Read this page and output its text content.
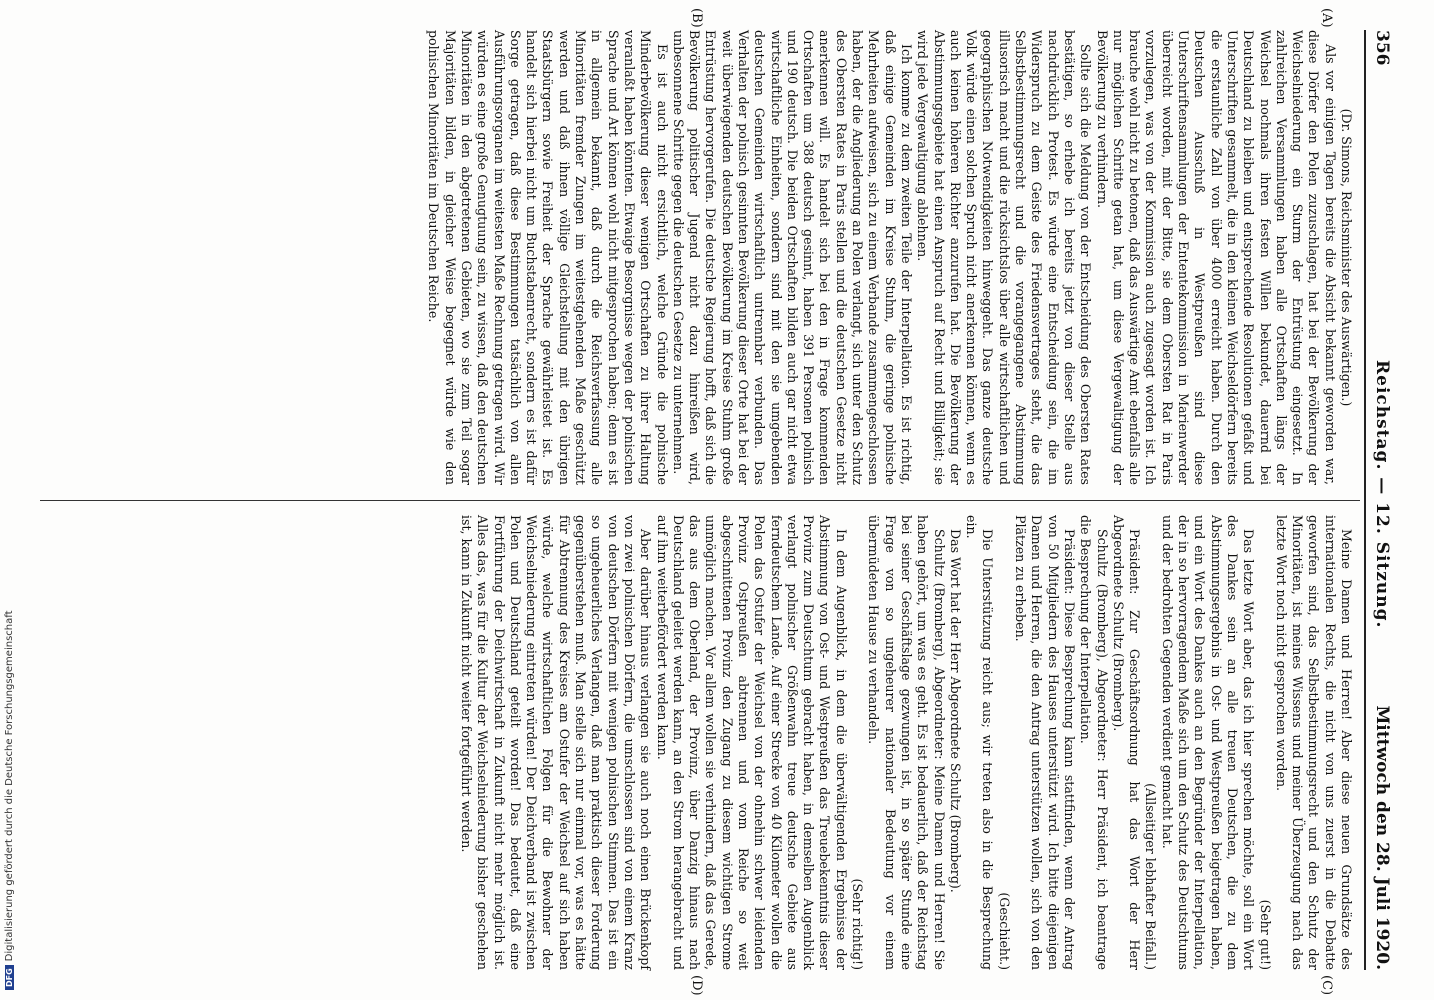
356
Reichstag. — 12. Sitzung.
Mittwoch den 28. Juli 1920.
(A)
(B)
(C)
(D)

(Dr. Simons, Reichsminister des Auswärtigen.)

Als vor einigen Tagen bereits die Absicht bekannt geworden war, diese Dörfer den Polen zuzuschlagen, hat bei der Bevölkerung der Weichselniederung ein Sturm der Entrüstung eingesetzt. In zahlreichen Versammlungen haben alle Ortschaften längs der Weichsel nochmals ihren festen Willen bekundet, dauernd bei Deutschland zu bleiben und entsprechende Resolutionen gefaßt und Unterschriften gesammelt, die in den kleinen Weichseldörfern bereits die erstaunliche Zahl von über 4000 erreicht haben. Durch den Deutschen Ausschuß in Westpreußen sind diese Unterschriftensammlungen der Ententekommission in Marienwerder überreicht worden, mit der Bitte, sie dem Obersten Rat in Paris vorzulegen, was von der Kommission auch zugesagt worden ist. Ich brauche wohl nicht zu betonen, daß das Auswärtige Amt ebenfalls alle nur möglichen Schritte getan hat, um diese Vergewaltigung der Bevölkerung zu verhindern.

Sollte sich die Meldung von der Entscheidung des Obersten Rates bestätigen, so erhebe ich bereits jetzt von dieser Stelle aus nachdrücklich Protest. Es würde eine Entscheidung sein, die im Widerspruch zu dem Geiste des Friedensvertrages steht, die das Selbstbestimmungsrecht und die vorangegangene Abstimmung illusorisch macht und die rücksichtslos über alle wirtschaftlichen und geographischen Notwendigkeiten hinweggeht. Das ganze deutsche Volk würde einen solchen Spruch nicht anerkennen können, wenn es auch keinen höheren Richter anzurufen hat. Die Bevölkerung der Abstimmungsgebiete hat einen Anspruch auf Recht und Billigkeit; sie wird jede Vergewaltigung ablehnen.

Ich komme zu dem zweiten Teile der Interpellation. Es ist richtig, daß einige Gemeinden im Kreise Stuhm, die geringe polnische Mehrheiten aufweisen, sich zu einem Verbande zusammengeschlossen haben, der die Angliederung an Polen verlangt, sich unter den Schutz des Obersten Rates in Paris stellen und die deutschen Gesetze nicht anerkennen will. Es handelt sich bei den in Frage kommenden Ortschaften um 388 deutsch gesinnt, haben 391 Personen polnisch und 190 deutsch. Die beiden Ortschaften bilden auch gar nicht etwa wirtschaftliche Einheiten, sondern sind mit den sie umgebenden deutschen Gemeinden wirtschaftlich untrennbar verbunden. Das Verhalten der polnisch gesinnten Bevölkerung dieser Orte hat bei der weit überwiegenden deutschen Bevölkerung im Kreise Stuhm große Entrüstung hervorgerufen. Die deutsche Regierung hofft, daß sich die Bevölkerung politischer Jugend nicht dazu hinreißen wird, unbesonnene Schritte gegen die deutschen Gesetze zu unternehmen.

Es ist auch nicht ersichtlich, welche Gründe die polnische Minderbevölkerung dieser wenigen Ortschaften zu ihrer Haltung veranlaßt haben könnten. Etwaige Besorgnisse wegen der polnischen Sprache und Art können wohl nicht mitgesprochen haben; denn es ist in allgemein bekannt, daß durch die Reichsverfassung alle Minoritäten fremder Zungen im weitestgehenden Maße geschützt werden und daß ihnen völlige Gleichstellung mit den übrigen Staatsbürgern sowie Freiheit der Sprache gewährleistet ist. Es handelt sich hierbei nicht um Buchstabenrecht, sondern es ist dafür Sorge getragen, daß diese Bestimmungen tatsächlich von allen Ausführungsorganen im weitesten Maße Rechnung getragen wird. Wir würden es eine große Genugtuung sein, zu wissen, daß den deutschen Minoritäten in den abgetretenen Gebieten, wo sie zum Teil sogar Majoritäten bilden, in gleicher Weise begegnet würde wie den polnischen Minoritäten im Deutschen Reiche.

Meine Damen und Herren! Aber diese neuen Grundsätze des internationalen Rechts, die nicht von uns zuerst in die Debatte geworfen sind, das Selbstbestimmungsrecht und den Schutz der Minoritäten, ist meines Wissens und meiner Überzeugung nach das letzte Wort noch nicht gesprochen worden.

(Sehr gut!)

Das letzte Wort aber, das ich hier sprechen möchte, soll ein Wort des Dankes sein an alle treuen Deutschen, die zu dem Abstimmungsergebnis in Ost- und Westpreußen beigetragen haben, und ein Wort des Dankes auch an den Begründer der Interpellation, der in so hervorragendem Maße sich um den Schutz des Deutschtums und der bedrohten Gegenden verdient gemacht hat.

(Allseitiger lebhafter Beifall.)

Präsident: Zur Geschäftsordnung hat das Wort der Herr Abgeordnete Schultz (Bromberg).

Schultz (Bromberg), Abgeordneter: Herr Präsident, ich beantrage die Besprechung der Interpellation.

Präsident: Diese Besprechung kann stattfinden, wenn der Antrag von 50 Mitgliedern des Hauses unterstützt wird. Ich bitte diejenigen Damen und Herren, die den Antrag unterstützen wollen, sich von den Plätzen zu erheben.

(Geschieht.)

Die Unterstützung reicht aus; wir treten also in die Besprechung ein.

Das Wort hat der Herr Abgeordnete Schultz (Bromberg).

Schultz (Bromberg), Abgeordneter: Meine Damen und Herren! Sie haben gehört, um was es geht. Es ist bedauerlich, daß der Reichstag bei seiner Geschäftslage gezwungen ist, in so später Stunde eine Frage von so ungeheurer nationaler Bedeutung vor einem übermüdeten Hause zu verhandeln.

(Sehr richtig!)

In dem Augenblick, in dem die überwältigenden Ergebnisse der Abstimmung von Ost- und Westpreußen das Treuebekenntnis dieser Provinz zum Deutschtum gebracht haben, in demselben Augenblick verlangt polnischer Größenwahn treue deutsche Gebiete aus ferndeutschem Lande. Auf einer Strecke von 40 Kilometer wollen die Polen das Ostufer der Weichsel von der ohnehin schwer leidenden Provinz Ostpreußen abtrennen und vom Reiche so weit abgeschnittenen Provinz den Zugang zu diesem wichtigen Strome unmöglich machen. Vor allem wollen sie verhindern, daß das Gerede, das aus dem Oberland, der Provinz, über Danzig hinaus nach Deutschland geleitet werden kann, an den Strom herangebracht und auf ihm weiterbefördert werden kann.

Aber darüber hinaus verlangen sie auch noch einen Brückenkopf von zwei polnischen Dörfern, die umschlossen sind von einem Kranz von deutschen Dörfern mit wenigen polnischen Stimmen. Das ist ein so ungeheuerliches Verlangen, daß man praktisch dieser Forderung gegenüberstehen muß. Man stelle sich nur einmal vor, was es hätte für Abtrennung des Kreises am Ostufer der Weichsel auf sich haben würde, welche wirtschaftlichen Folgen für die Bewohner der Weichselniederung eintreten würden! Der Deichverband ist zwischen Polen und Deutschland geteilt worden! Das bedeutet, daß eine Fortführung der Deichwirtschaft in Zukunft nicht mehr möglich ist. Alles das, was für die Kultur der Weichselniederung bisher geschehen ist, kann in Zukunft nicht weiter fortgeführt werden.

DFGDigitalisierung gefördert durch die Deutsche Forschungsgemeinschaft
